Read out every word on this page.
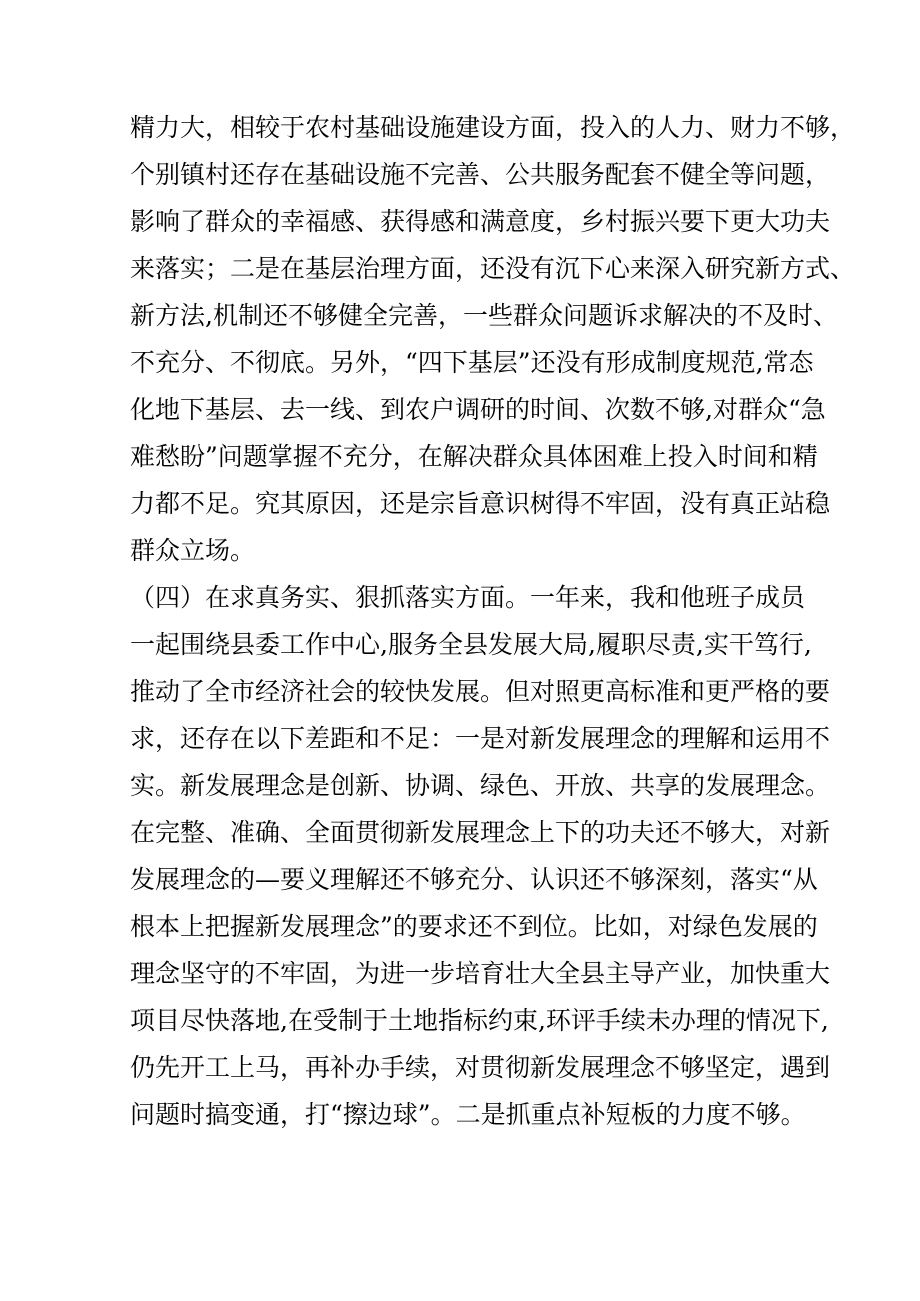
精力大，相较于农村基础设施建设方面，投入的人力、财力不够，
个别镇村还存在基础设施不完善、公共服务配套不健全等问题，
影响了群众的幸福感、获得感和满意度，乡村振兴要下更大功夫
来落实；二是在基层治理方面，还没有沉下心来深入研究新方式、
新方法,机制还不够健全完善，一些群众问题诉求解决的不及时、
不充分、不彻底。另外，“四下基层”还没有形成制度规范,常态
化地下基层、去一线、到农户调研的时间、次数不够,对群众“急
难愁盼”问题掌握不充分，在解决群众具体困难上投入时间和精
力都不足。究其原因，还是宗旨意识树得不牢固，没有真正站稳
群众立场。
（四）在求真务实、狠抓落实方面。一年来，我和他班子成员
一起围绕县委工作中心,服务全县发展大局,履职尽责,实干笃行,
推动了全市经济社会的较快发展。但对照更高标准和更严格的要
求，还存在以下差距和不足：一是对新发展理念的理解和运用不
实。新发展理念是创新、协调、绿色、开放、共享的发展理念。
在完整、准确、全面贯彻新发展理念上下的功夫还不够大，对新
发展理念的—要义理解还不够充分、认识还不够深刻，落实“从
根本上把握新发展理念”的要求还不到位。比如，对绿色发展的
理念坚守的不牢固，为进一步培育壮大全县主导产业，加快重大
项目尽快落地,在受制于土地指标约束,环评手续未办理的情况下,
仍先开工上马，再补办手续，对贯彻新发展理念不够坚定，遇到
问题时搞变通，打“擦边球”。二是抓重点补短板的力度不够。
